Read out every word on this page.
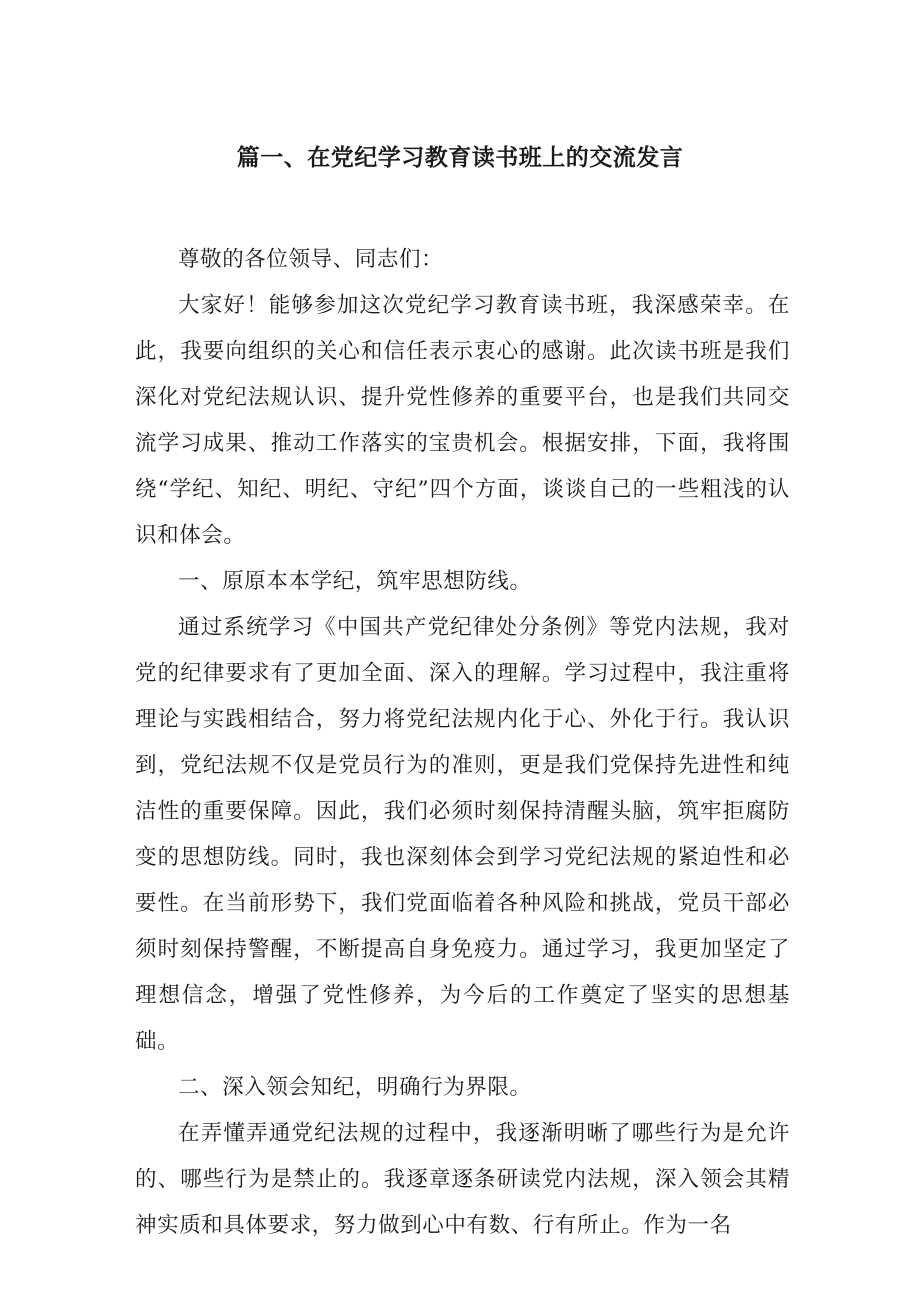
篇一、在党纪学习教育读书班上的交流发言

尊敬的各位领导、同志们：

大家好！能够参加这次党纪学习教育读书班，我深感荣幸。在此，我要向组织的关心和信任表示衷心的感谢。此次读书班是我们深化对党纪法规认识、提升党性修养的重要平台，也是我们共同交流学习成果、推动工作落实的宝贵机会。根据安排，下面，我将围绕“学纪、知纪、明纪、守纪”四个方面，谈谈自己的一些粗浅的认识和体会。

一、原原本本学纪，筑牢思想防线。

通过系统学习《中国共产党纪律处分条例》等党内法规，我对党的纪律要求有了更加全面、深入的理解。学习过程中，我注重将理论与实践相结合，努力将党纪法规内化于心、外化于行。我认识到，党纪法规不仅是党员行为的准则，更是我们党保持先进性和纯洁性的重要保障。因此，我们必须时刻保持清醒头脑，筑牢拒腐防变的思想防线。同时，我也深刻体会到学习党纪法规的紧迫性和必要性。在当前形势下，我们党面临着各种风险和挑战，党员干部必须时刻保持警醒，不断提高自身免疫力。通过学习，我更加坚定了理想信念，增强了党性修养，为今后的工作奠定了坚实的思想基础。

二、深入领会知纪，明确行为界限。

在弄懂弄通党纪法规的过程中，我逐渐明晰了哪些行为是允许的、哪些行为是禁止的。我逐章逐条研读党内法规，深入领会其精神实质和具体要求，努力做到心中有数、行有所止。作为一名
